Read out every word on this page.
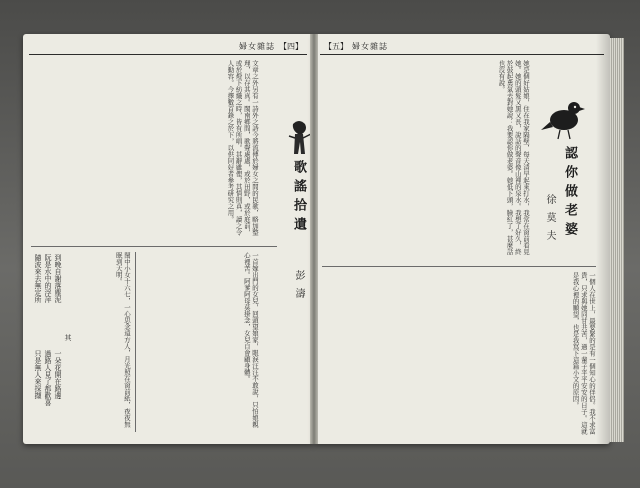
婦女雜誌 【四】
文章之外另有一詩外之詩今將流傳於婦女之間的民歌，略加整理，以存其真。閩南鄉間，歌聲處處，或於田野，或於庭前，或於燈下紡織之時，皆有所唱。其辭雖俚，其情則真，讀之令人動容。今擇數首錄之於下，以供同好者參考研究之用。	歌謠拾遺
彭濤
一首嫁出門的女兒，回頭望娘家，眼淚汪汪不敢說，只怕娘親心裡苦。阿爹阿母莫掛念，女兒自會顧身體。
閨中小女十六七，一心思念遠方人，月光照在窗前紙，夜夜無眠到天明。
其
一朵花開在路邊
過路人見了都歡喜
只是無人來採擷
到晚自謝落塵泥
阮是水中的浮萍
隨波來去無定所
【五】 婦女雜誌
她是個好姑娘，住在我家隔壁，每天清早起來打水，我常在窗前看見她。她的頭髮又黑又長，說話的聲音像山裡的泉水。我想了好久，終於鼓起勇氣去對她說：我要認你做老婆。她低下頭，臉紅了，甚麼話也沒有說。
認你做老婆
徐莫夫
一個人在世上，最要緊的是有一個知心的伴侶。我不求富貴，只求與她同甘共苦，過一輩子平平安安的日子。這就是我心裡的願望，也是我寫下這篇小文的原因。
